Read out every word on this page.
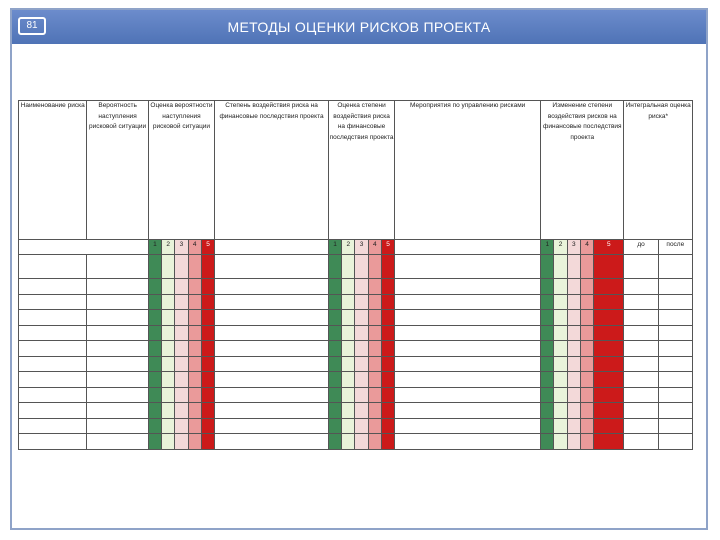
81	МЕТОДЫ ОЦЕНКИ РИСКОВ ПРОЕКТА
Наименование риска	Вероятность наступления рисковой ситуации	Оценка вероятности наступления рисковой ситуации					Степень воздействия риска на финансовые последствия проекта	Оценка степени воздействия риска на финансовые последствия проекта					Мероприятия по управлению рисками	Изменение степени воздействия рисков на финансовые последствия проекта					Интегральная оценка риска*	
		1	2	3	4	5		1	2	3	4	5		1	2	3	4	5	до	после
